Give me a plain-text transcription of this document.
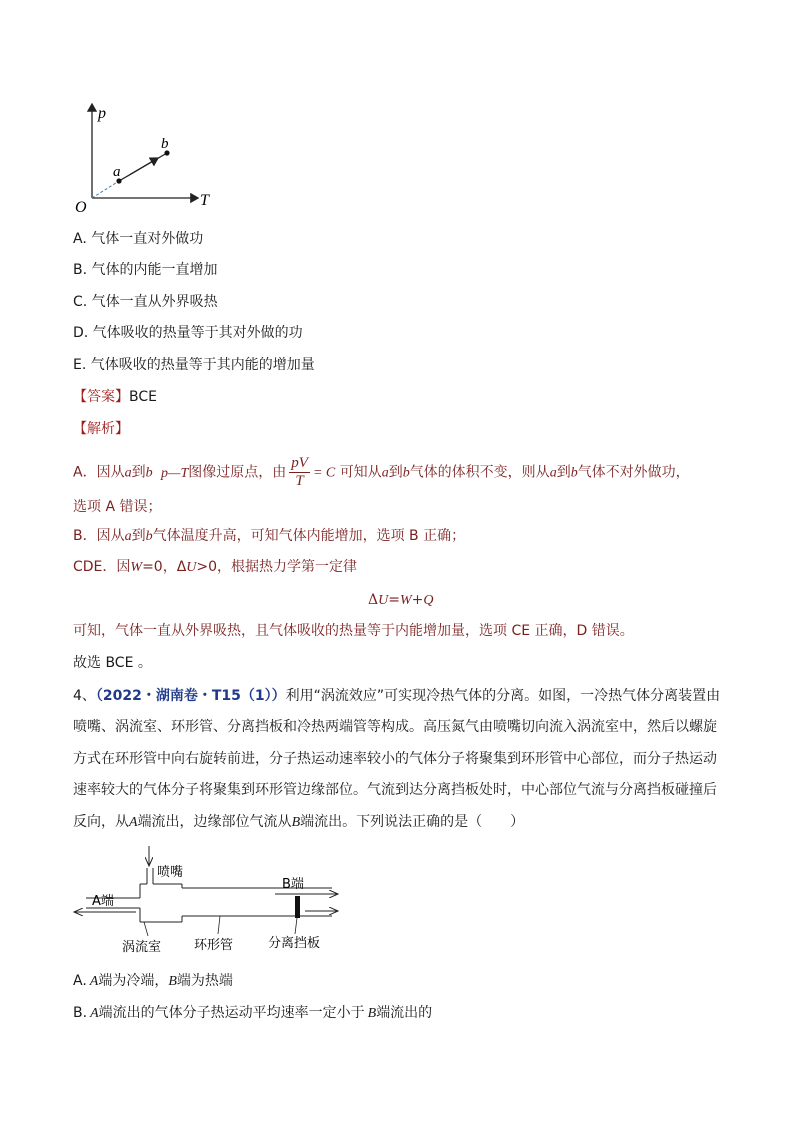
p
T
O
a
b
A. 气体一直对外做功
B. 气体的内能一直增加
C. 气体一直从外界吸热
D. 气体吸收的热量等于其对外做的功
E. 气体吸收的热量等于其内能的增加量
【答案】BCE
【解析】
A．因从a到b p—T图像过原点，由 $\frac{pV}{T} = C$ 可知从a到b气体的体积不变，则从a到b气体不对外做功，
选项 A 错误；
B．因从a到b气体温度升高，可知气体内能增加，选项 B 正确；
CDE．因W=0，ΔU>0，根据热力学第一定律
ΔU=W+Q
可知，气体一直从外界吸热，且气体吸收的热量等于内能增加量，选项 CE 正确，D 错误。
故选 BCE 。
4、（2022・湖南卷・T15（1））利用“涡流效应”可实现冷热气体的分离。如图，一冷热气体分离装置由
喷嘴、涡流室、环形管、分离挡板和冷热两端管等构成。高压氮气由喷嘴切向流入涡流室中，然后以螺旋
方式在环形管中向右旋转前进，分子热运动速率较小的气体分子将聚集到环形管中心部位，而分子热运动
速率较大的气体分子将聚集到环形管边缘部位。气流到达分离挡板处时，中心部位气流与分离挡板碰撞后
反向，从A端流出，边缘部位气流从B端流出。下列说法正确的是（　　）
喷嘴
B端
A端
涡流室	环形管	分离挡板
A. A端为冷端，B端为热端
B. A端流出的气体分子热运动平均速率一定小于 B端流出的
